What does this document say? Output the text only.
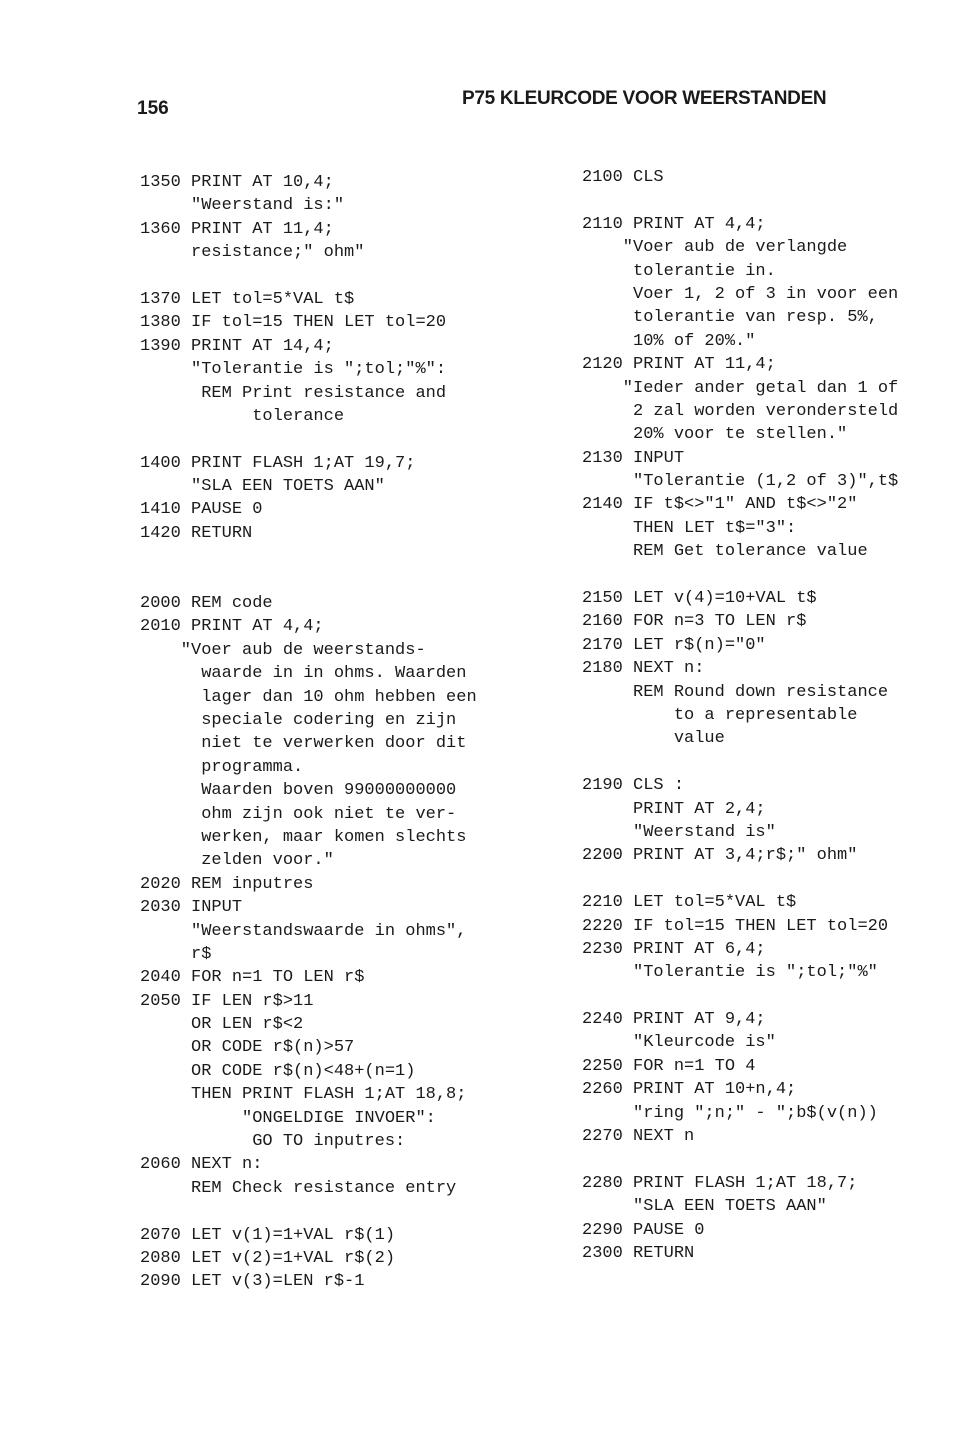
156	P75 KLEURCODE VOOR WEERSTANDEN
1350 PRINT AT 10,4;
"Weerstand is:"
1360 PRINT AT 11,4;
resistance;" ohm"
1370 LET tol=5*VAL t$
1380 IF tol=15 THEN LET tol=20
1390 PRINT AT 14,4;
"Tolerantie is ";tol;"%":
REM Print resistance and
tolerance
1400 PRINT FLASH 1;AT 19,7;
"SLA EEN TOETS AAN"
1410 PAUSE 0
1420 RETURN
2000 REM code
2010 PRINT AT 4,4;
"Voer aub de weerstands-
waarde in in ohms. Waarden
lager dan 10 ohm hebben een
speciale codering en zijn
niet te verwerken door dit
programma.
Waarden boven 99000000000
ohm zijn ook niet te ver-
werken, maar komen slechts
zelden voor."
2020 REM inputres
2030 INPUT
"Weerstandswaarde in ohms",
r$
2040 FOR n=1 TO LEN r$
2050 IF LEN r$>11
OR LEN r$<2
OR CODE r$(n)>57
OR CODE r$(n)<48+(n=1)
THEN PRINT FLASH 1;AT 18,8;
"ONGELDIGE INVOER":
GO TO inputres:
2060 NEXT n:
REM Check resistance entry
2070 LET v(1)=1+VAL r$(1)
2080 LET v(2)=1+VAL r$(2)
2090 LET v(3)=LEN r$-1
2100 CLS
2110 PRINT AT 4,4;
"Voer aub de verlangde
tolerantie in.
Voer 1, 2 of 3 in voor een
tolerantie van resp. 5%,
10% of 20%."
2120 PRINT AT 11,4;
"Ieder ander getal dan 1 of
2 zal worden verondersteld
20% voor te stellen."
2130 INPUT
"Tolerantie (1,2 of 3)",t$
2140 IF t$<>"1" AND t$<>"2"
THEN LET t$="3":
REM Get tolerance value
2150 LET v(4)=10+VAL t$
2160 FOR n=3 TO LEN r$
2170 LET r$(n)="0"
2180 NEXT n:
REM Round down resistance
to a representable
value
2190 CLS :
PRINT AT 2,4;
"Weerstand is"
2200 PRINT AT 3,4;r$;" ohm"
2210 LET tol=5*VAL t$
2220 IF tol=15 THEN LET tol=20
2230 PRINT AT 6,4;
"Tolerantie is ";tol;"%"
2240 PRINT AT 9,4;
"Kleurcode is"
2250 FOR n=1 TO 4
2260 PRINT AT 10+n,4;
"ring ";n;" - ";b$(v(n))
2270 NEXT n
2280 PRINT FLASH 1;AT 18,7;
"SLA EEN TOETS AAN"
2290 PAUSE 0
2300 RETURN
